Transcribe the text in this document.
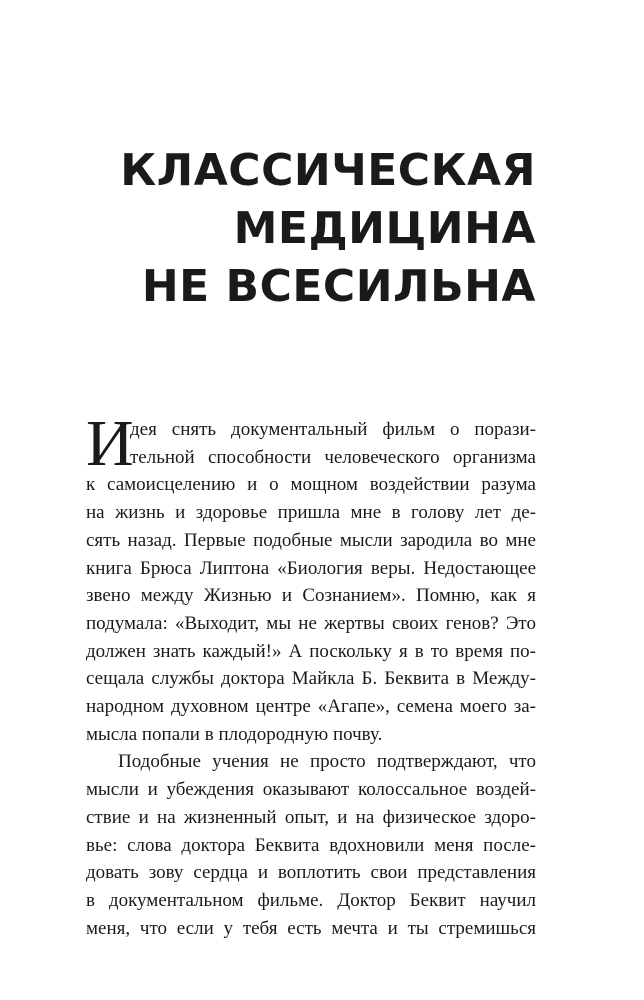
КЛАССИЧЕСКАЯ
МЕДИЦИНА
НЕ ВСЕСИЛЬНА
И
дея снять документальный фильм о порази-
тельной способности человеческого организма
к самоисцелению и о мощном воздействии разума
на жизнь и здоровье пришла мне в голову лет де-
сять назад. Первые подобные мысли зародила во мне
книга Брюса Липтона «Биология веры. Недостающее
звено между Жизнью и Сознанием». Помню, как я
подумала: «Выходит, мы не жертвы своих генов? Это
должен знать каждый!» А поскольку я в то время по-
сещала службы доктора Майкла Б. Беквита в Между-
народном духовном центре «Агапе», семена моего за-
мысла попали в плодородную почву.
Подобные учения не просто подтверждают, что
мысли и убеждения оказывают колоссальное воздей-
ствие и на жизненный опыт, и на физическое здоро-
вье: слова доктора Беквита вдохновили меня после-
довать зову сердца и воплотить свои представления
в документальном фильме. Доктор Беквит научил
меня, что если у тебя есть мечта и ты стремишься
